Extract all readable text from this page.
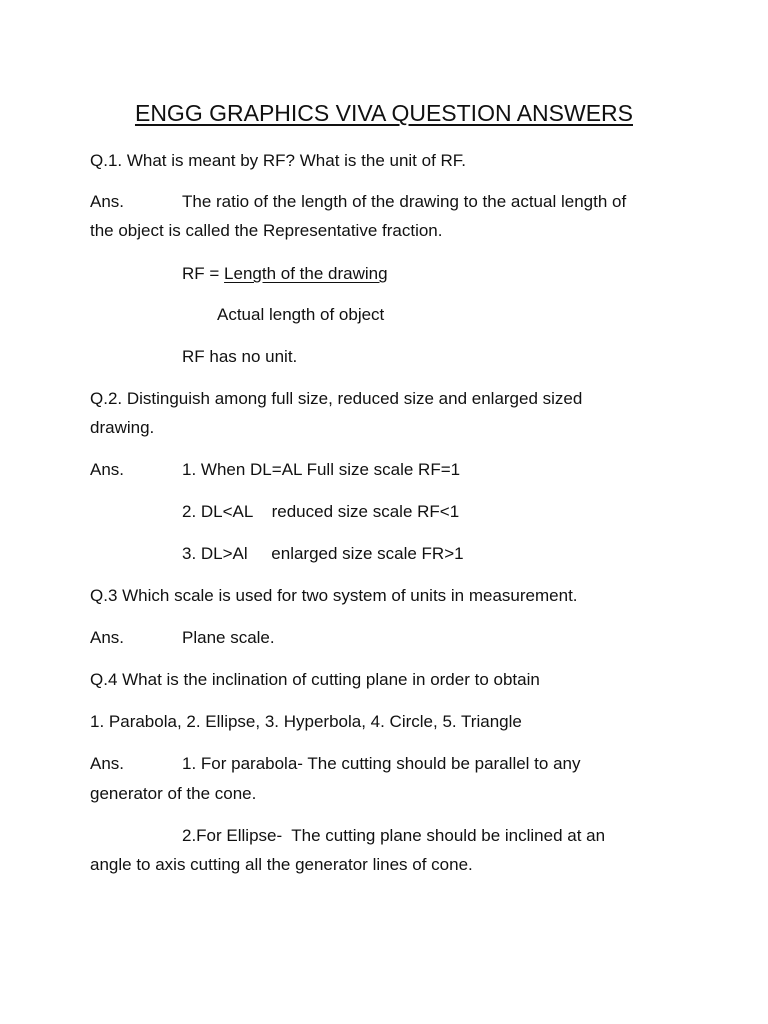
ENGG GRAPHICS VIVA QUESTION ANSWERS
Q.1. What is meant by RF? What is the unit of RF.
Ans.	The ratio of the length of the drawing to the actual length of
the object is called the Representative fraction.
RF = Length of the drawing
Actual length of object
RF has no unit.
Q.2. Distinguish among full size, reduced size and enlarged sized
drawing.
Ans.	1. When DL=AL Full size scale RF=1
2. DL<AL    reduced size scale RF<1
3. DL>Al     enlarged size scale FR>1
Q.3 Which scale is used for two system of units in measurement.
Ans.	Plane scale.
Q.4 What is the inclination of cutting plane in order to obtain
1. Parabola, 2. Ellipse, 3. Hyperbola, 4. Circle, 5. Triangle
Ans.	1. For parabola- The cutting should be parallel to any
generator of the cone.
2.For Ellipse-  The cutting plane should be inclined at an
angle to axis cutting all the generator lines of cone.
